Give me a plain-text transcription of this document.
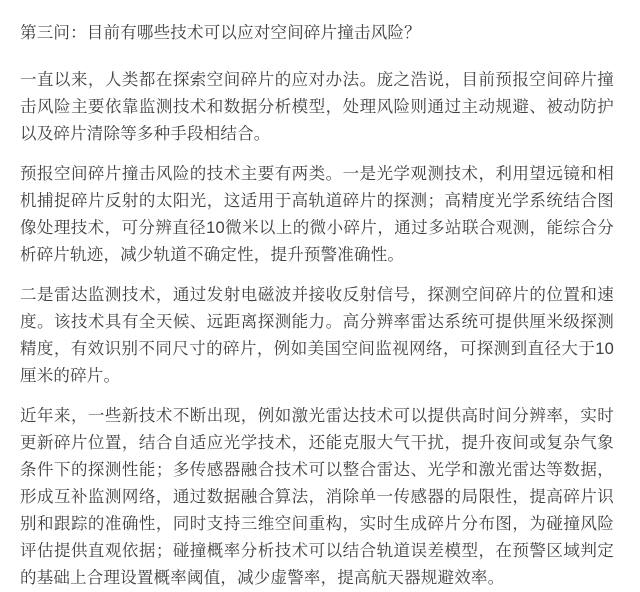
第三问：目前有哪些技术可以应对空间碎片撞击风险？

一直以来，人类都在探索空间碎片的应对办法。庞之浩说，目前预报空间碎片撞击风险主要依靠监测技术和数据分析模型，处理风险则通过主动规避、被动防护以及碎片清除等多种手段相结合。

预报空间碎片撞击风险的技术主要有两类。一是光学观测技术，利用望远镜和相机捕捉碎片反射的太阳光，这适用于高轨道碎片的探测；高精度光学系统结合图像处理技术，可分辨直径10微米以上的微小碎片，通过多站联合观测，能综合分析碎片轨迹，减少轨道不确定性，提升预警准确性。

二是雷达监测技术，通过发射电磁波并接收反射信号，探测空间碎片的位置和速度。该技术具有全天候、远距离探测能力。高分辨率雷达系统可提供厘米级探测精度，有效识别不同尺寸的碎片，例如美国空间监视网络，可探测到直径大于10厘米的碎片。

近年来，一些新技术不断出现，例如激光雷达技术可以提供高时间分辨率，实时更新碎片位置，结合自适应光学技术，还能克服大气干扰，提升夜间或复杂气象条件下的探测性能；多传感器融合技术可以整合雷达、光学和激光雷达等数据，形成互补监测网络，通过数据融合算法，消除单一传感器的局限性，提高碎片识别和跟踪的准确性，同时支持三维空间重构，实时生成碎片分布图，为碰撞风险评估提供直观依据；碰撞概率分析技术可以结合轨道误差模型，在预警区域判定的基础上合理设置概率阈值，减少虚警率，提高航天器规避效率。
